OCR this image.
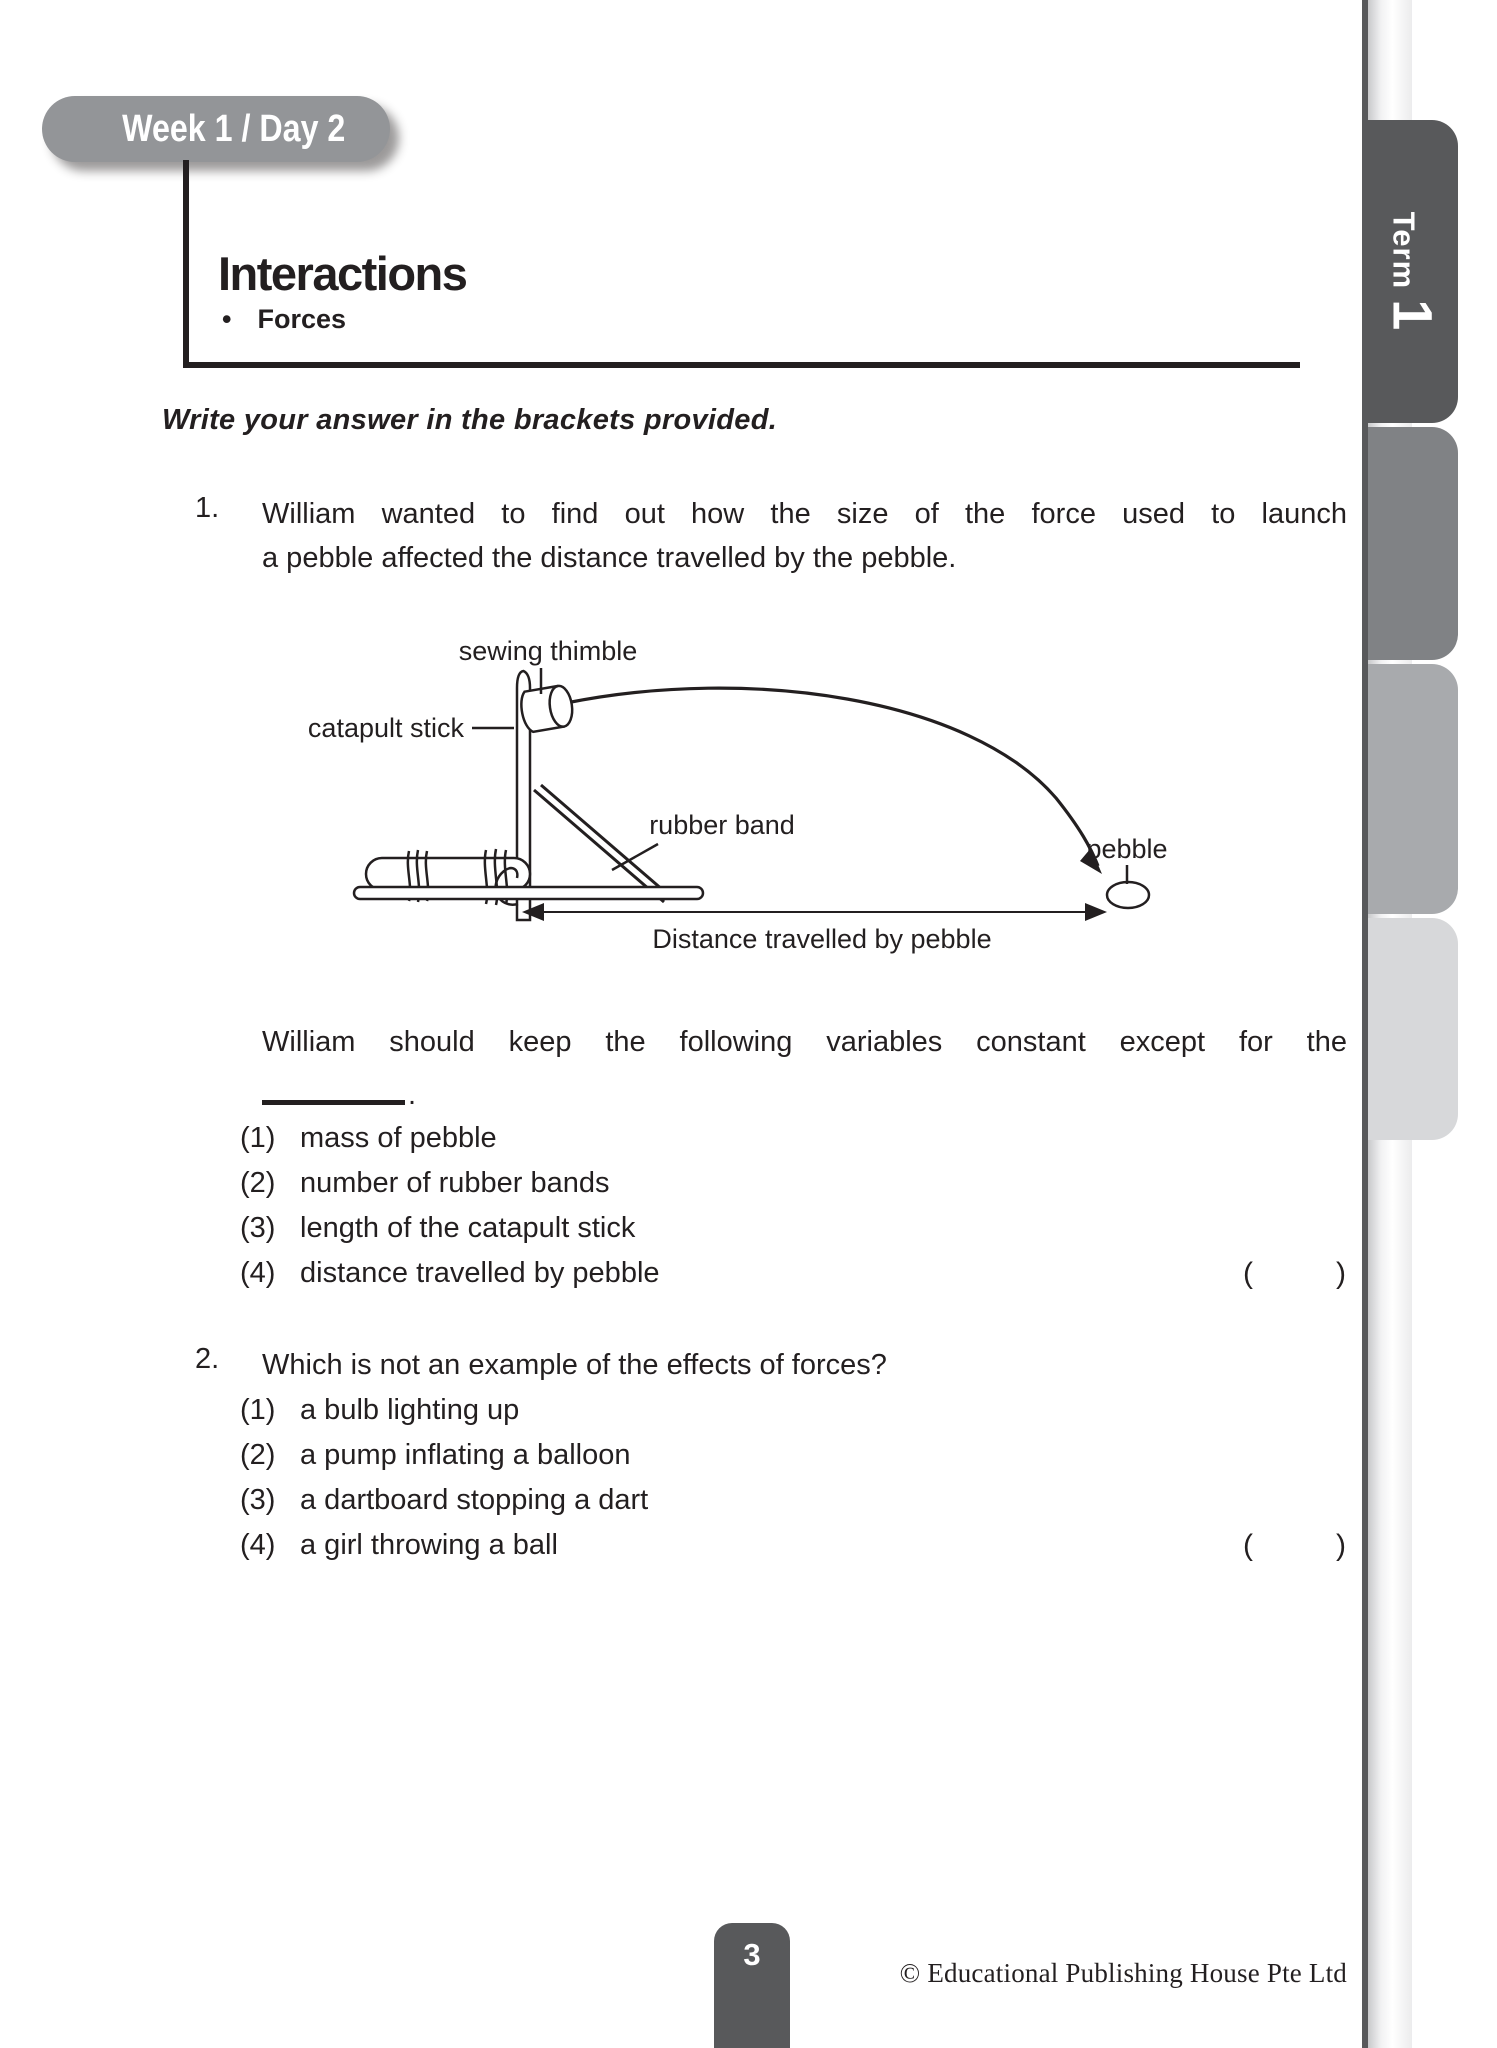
Week 1 / Day 2
Interactions
• Forces
Write your answer in the brackets provided.
1. William wanted to find out how the size of the force used to launch
a pebble affected the distance travelled by the pebble.
sewing thimble
catapult stick
rubber band
pebble
Distance travelled by pebble
William should keep the following variables constant except for the
.
(1) mass of pebble
(2) number of rubber bands
(3) length of the catapult stick
(4) distance travelled by pebble	(	)
2. Which is not an example of the effects of forces?
(1) a bulb lighting up
(2) a pump inflating a balloon
(3) a dartboard stopping a dart
(4) a girl throwing a ball	(	)
Term1
3
© Educational Publishing House Pte Ltd
